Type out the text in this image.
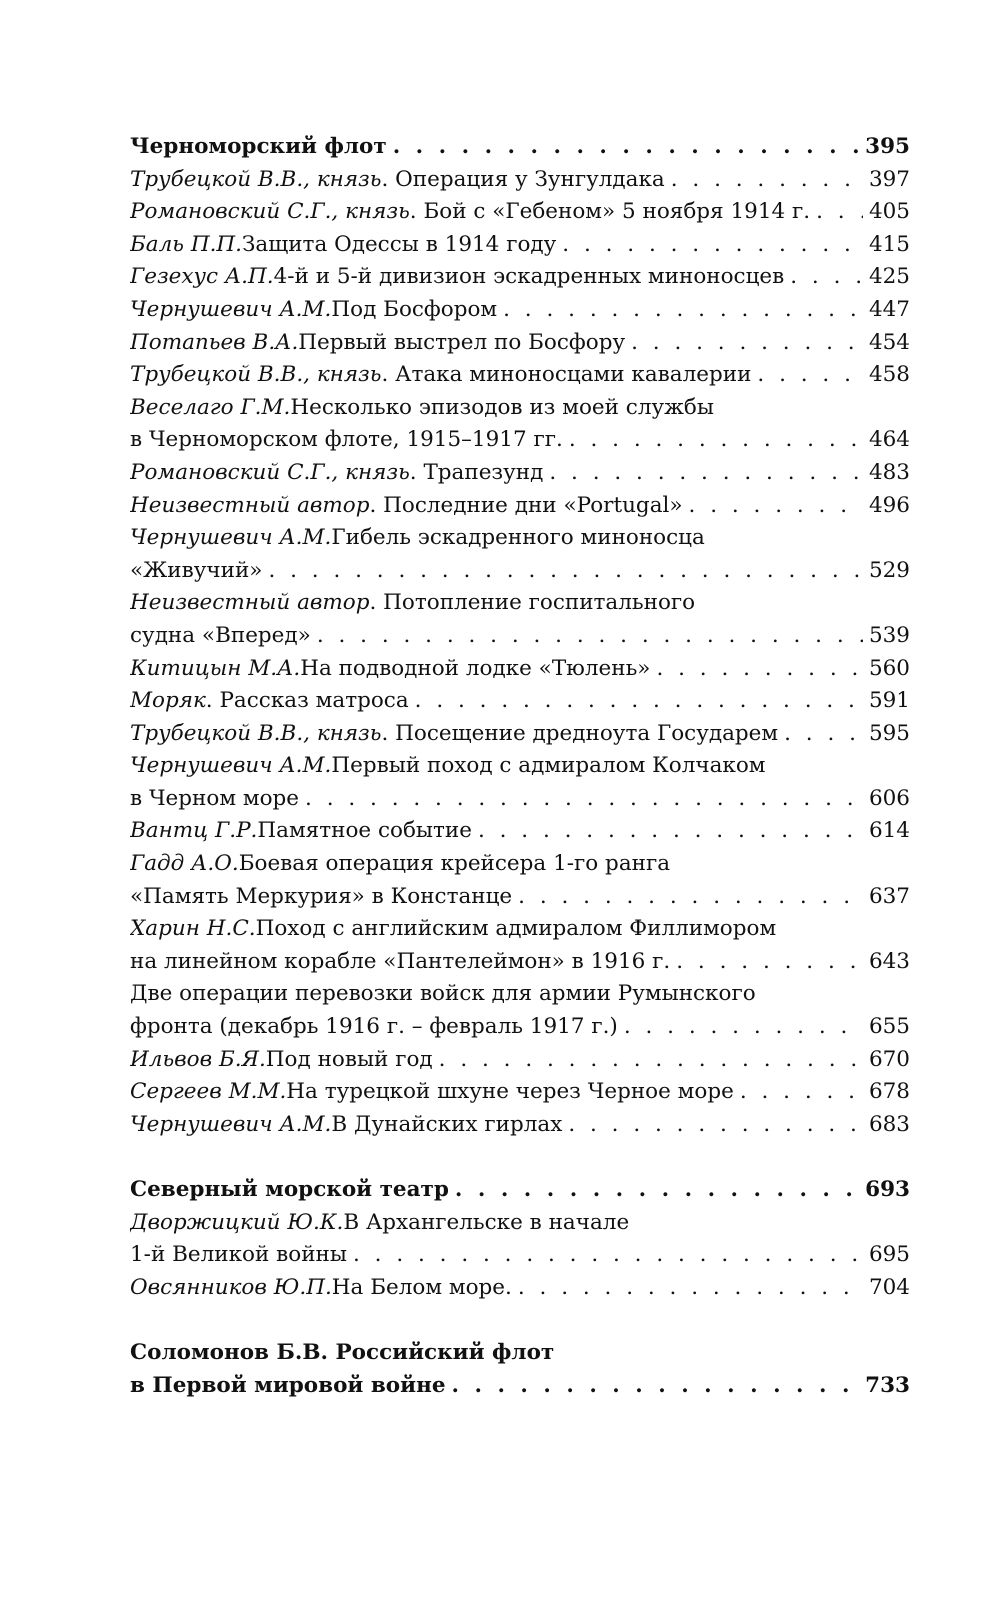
Черноморский флот . . .	395
Трубецкой В.В., князь . Операция у Зунгулдака . . .	397
Романовский С.Г., князь . Бой с «Гебеном» 5 ноября 1914 г. . . .	405
Баль П.П. Защита Одессы в 1914 году . . .	415
Гезехус А.П. 4-й и 5-й дивизион эскадренных миноносцев . . .	425
Чернушевич А.М. Под Босфором . . .	447
Потапьев В.А. Первый выстрел по Босфору . . .	454
Трубецкой В.В., князь . Атака миноносцами кавалерии . . .	458
Веселаго Г.М. Несколько эпизодов из моей службы
в Черноморском флоте, 1915–1917 гг. . . .	464
Романовский С.Г., князь . Трапезунд . . .	483
Неизвестный автор . Последние дни «Portugal» . . .	496
Чернушевич А.М. Гибель эскадренного миноносца
«Живучий» . . .	529
Неизвестный автор . Потопление госпитального
судна «Вперед» . . .	539
Китицын М.А. На подводной лодке «Тюлень» . . .	560
Моряк . Рассказ матроса . . .	591
Трубецкой В.В., князь . Посещение дредноута Государем . . .	595
Чернушевич А.М. Первый поход с адмиралом Колчаком
в Черном море . . .	606
Вантц Г.Р. Памятное событие . . .	614
Гадд А.О. Боевая операция крейсера 1-го ранга
«Память Меркурия» в Констанце . . .	637
Харин Н.С. Поход с английским адмиралом Филлимором
на линейном корабле «Пантелеймон» в 1916 г. . . .	643
Две операции перевозки войск для армии Румынского
фронта (декабрь 1916 г. – февраль 1917 г.) . . .	655
Ильвов Б.Я. Под новый год . . .	670
Сергеев М.М. На турецкой шхуне через Черное море . . .	678
Чернушевич А.М. В Дунайских гирлах . . .	683
Северный морской театр . . .	693
Дворжицкий Ю.К. В Архангельске в начале
1-й Великой войны . . .	695
Овсянников Ю.П. На Белом море. . . .	704
Соломонов Б.В. Российский флот
в Первой мировой войне . . .	733
